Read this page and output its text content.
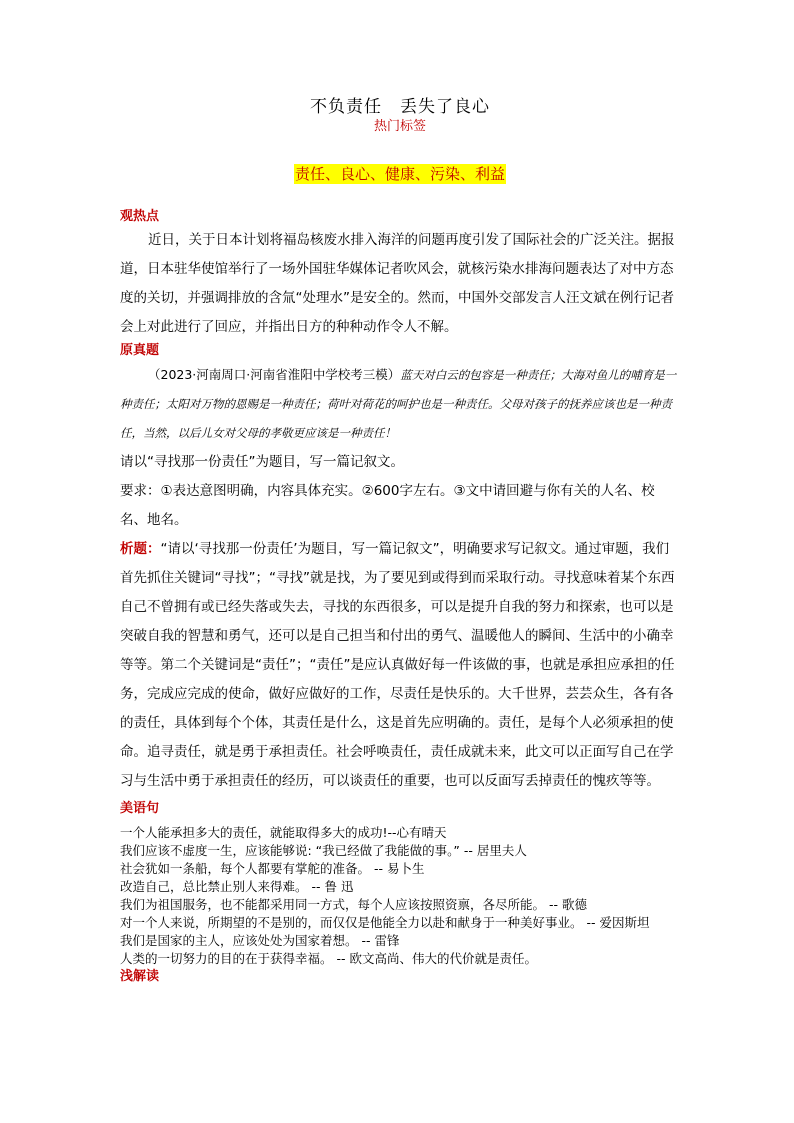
不负责任　丢失了良心

热门标签

责任、良心、健康、污染、利益

观热点

近日，关于日本计划将福岛核废水排入海洋的问题再度引发了国际社会的广泛关注。据报道，日本驻华使馆举行了一场外国驻华媒体记者吹风会，就核污染水排海问题表达了对中方态度的关切，并强调排放的含氚“处理水”是安全的。然而，中国外交部发言人汪文斌在例行记者会上对此进行了回应，并指出日方的种种动作令人不解。

原真题

（2023·河南周口·河南省淮阳中学校考三模）蓝天对白云的包容是一种责任；大海对鱼儿的哺育是一种责任；太阳对万物的恩赐是一种责任；荷叶对荷花的呵护也是一种责任。父母对孩子的抚养应该也是一种责任，当然，以后儿女对父母的孝敬更应该是一种责任！

请以“寻找那一份责任”为题目，写一篇记叙文。

要求：①表达意图明确，内容具体充实。②600字左右。③文中请回避与你有关的人名、校名、地名。

析题：“请以‘寻找那一份责任’为题目，写一篇记叙文”，明确要求写记叙文。通过审题，我们首先抓住关键词“寻找”；“寻找”就是找，为了要见到或得到而采取行动。寻找意味着某个东西自己不曾拥有或已经失落或失去，寻找的东西很多，可以是提升自我的努力和探索，也可以是突破自我的智慧和勇气，还可以是自己担当和付出的勇气、温暖他人的瞬间、生活中的小确幸等等。第二个关键词是“责任”；“责任”是应认真做好每一件该做的事，也就是承担应承担的任务，完成应完成的使命，做好应做好的工作，尽责任是快乐的。大千世界，芸芸众生，各有各的责任，具体到每个个体，其责任是什么，这是首先应明确的。责任，是每个人必须承担的使命。追寻责任，就是勇于承担责任。社会呼唤责任，责任成就未来，此文可以正面写自己在学习与生活中勇于承担责任的经历，可以谈责任的重要，也可以反面写丢掉责任的愧疚等等。

美语句

一个人能承担多大的责任，就能取得多大的成功!--心有晴天

我们应该不虚度一生，应该能够说: “我已经做了我能做的事。” -- 居里夫人

社会犹如一条船，每个人都要有掌舵的准备。 -- 易卜生

改造自己，总比禁止别人来得难。 -- 鲁 迅

我们为祖国服务，也不能都采用同一方式，每个人应该按照资禀，各尽所能。 -- 歌德

对一个人来说，所期望的不是别的，而仅仅是他能全力以赴和献身于一种美好事业。 -- 爱因斯坦

我们是国家的主人，应该处处为国家着想。 -- 雷锋

人类的一切努力的目的在于获得幸福。 -- 欧文高尚、伟大的代价就是责任。

浅解读
